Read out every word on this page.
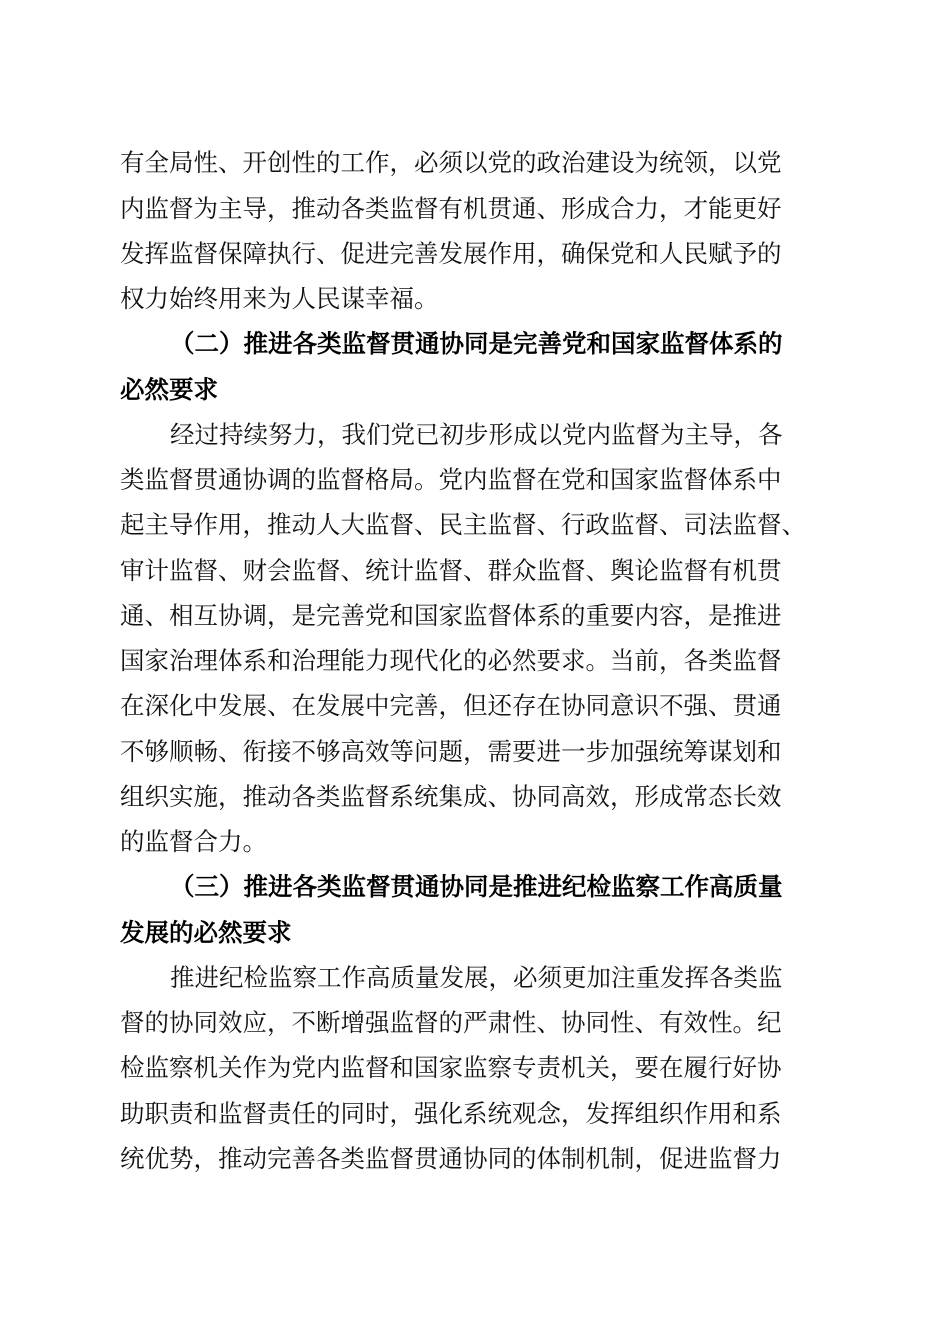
有全局性、开创性的工作，必须以党的政治建设为统领，以党
内监督为主导，推动各类监督有机贯通、形成合力，才能更好
发挥监督保障执行、促进完善发展作用，确保党和人民赋予的
权力始终用来为人民谋幸福。
（二）推进各类监督贯通协同是完善党和国家监督体系的
必然要求
经过持续努力，我们党已初步形成以党内监督为主导，各
类监督贯通协调的监督格局。党内监督在党和国家监督体系中
起主导作用，推动人大监督、民主监督、行政监督、司法监督、
审计监督、财会监督、统计监督、群众监督、舆论监督有机贯
通、相互协调，是完善党和国家监督体系的重要内容，是推进
国家治理体系和治理能力现代化的必然要求。当前，各类监督
在深化中发展、在发展中完善，但还存在协同意识不强、贯通
不够顺畅、衔接不够高效等问题，需要进一步加强统筹谋划和
组织实施，推动各类监督系统集成、协同高效，形成常态长效
的监督合力。
（三）推进各类监督贯通协同是推进纪检监察工作高质量
发展的必然要求
推进纪检监察工作高质量发展，必须更加注重发挥各类监
督的协同效应，不断增强监督的严肃性、协同性、有效性。纪
检监察机关作为党内监督和国家监察专责机关，要在履行好协
助职责和监督责任的同时，强化系统观念，发挥组织作用和系
统优势，推动完善各类监督贯通协同的体制机制，促进监督力
